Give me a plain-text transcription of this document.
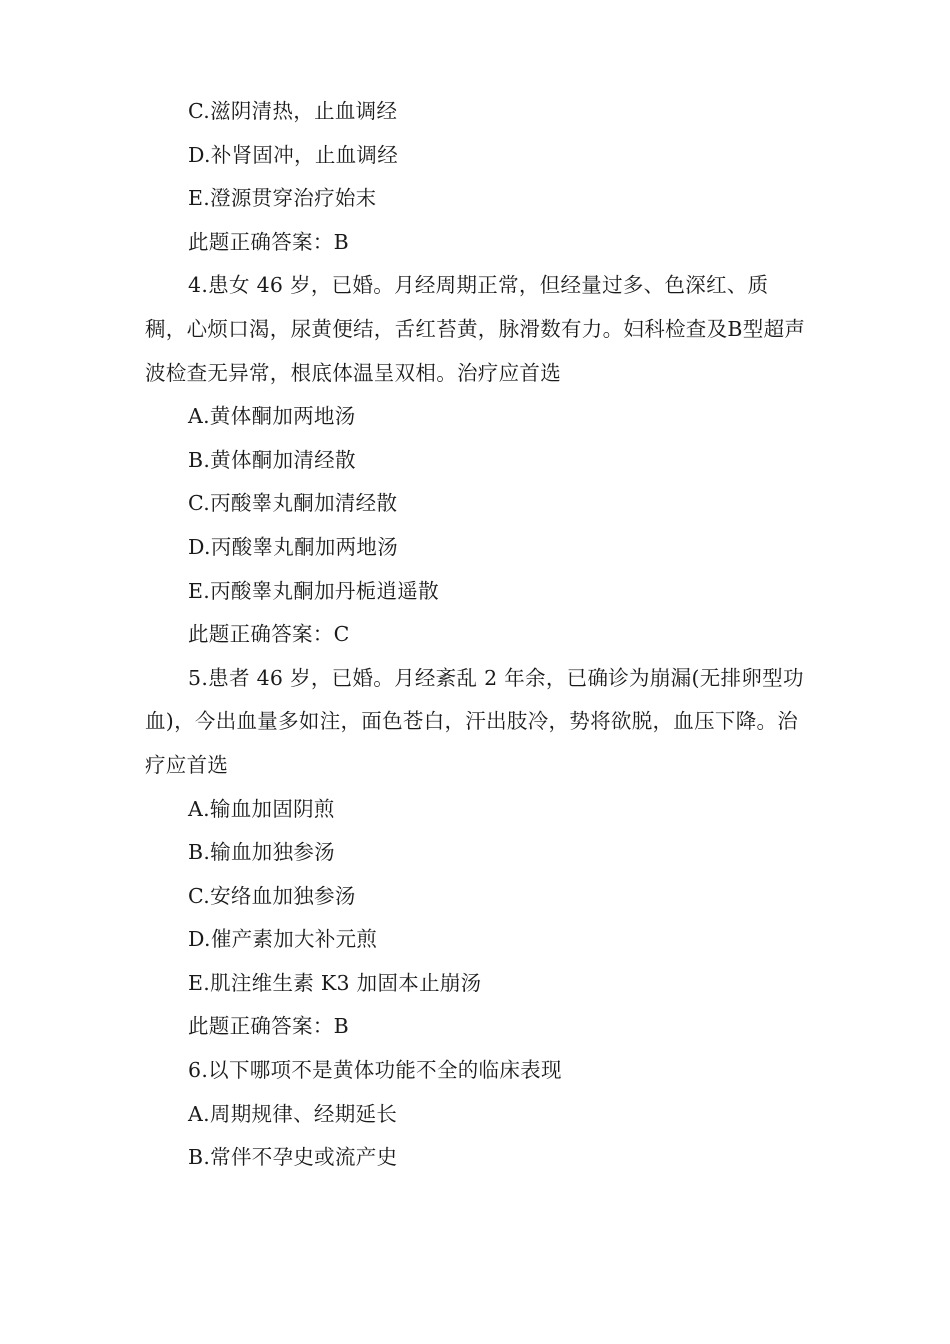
C.滋阴清热，止血调经
D.补肾固冲，止血调经
E.澄源贯穿治疗始末
此题正确答案：B
4.患女 46 岁，已婚。月经周期正常，但经量过多、色深红、质稠，心烦口渴，尿黄便结，舌红苔黄，脉滑数有力。妇科检查及B型超声波检查无异常，根底体温呈双相。治疗应首选
A.黄体酮加两地汤
B.黄体酮加清经散
C.丙酸睾丸酮加清经散
D.丙酸睾丸酮加两地汤
E.丙酸睾丸酮加丹栀逍遥散
此题正确答案：C
5.患者 46 岁，已婚。月经紊乱 2 年余，已确诊为崩漏(无排卵型功血)，今出血量多如注，面色苍白，汗出肢冷，势将欲脱，血压下降。治疗应首选
A.输血加固阴煎
B.输血加独参汤
C.安络血加独参汤
D.催产素加大补元煎
E.肌注维生素 K3 加固本止崩汤
此题正确答案：B
6.以下哪项不是黄体功能不全的临床表现
A.周期规律、经期延长
B.常伴不孕史或流产史
